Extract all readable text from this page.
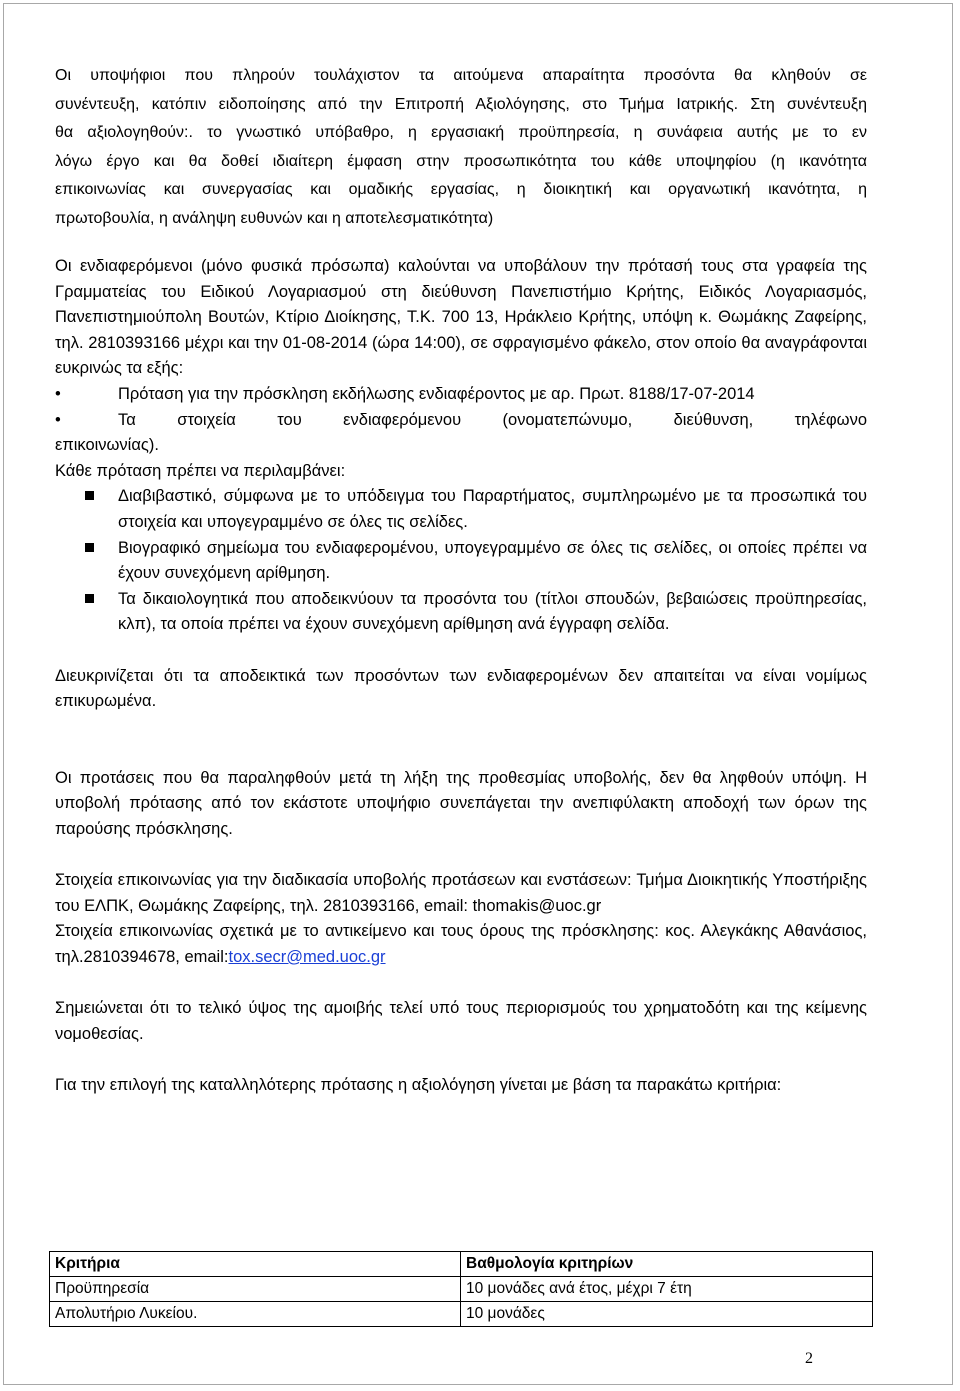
Οι υποψήφιοι που πληρούν τουλάχιστον τα αιτούμενα απαραίτητα προσόντα θα κληθούν σε
συνέντευξη, κατόπιν ειδοποίησης από την Επιτροπή Αξιολόγησης, στο Τμήμα Ιατρικής. Στη συνέντευξη
θα αξιολογηθούν:. το γνωστικό υπόβαθρο, η εργασιακή προϋπηρεσία, η συνάφεια αυτής με το εν
λόγω έργο και θα δοθεί ιδιαίτερη έμφαση στην προσωπικότητα του κάθε υποψηφίου (η ικανότητα
επικοινωνίας και συνεργασίας και ομαδικής εργασίας, η διοικητική και οργανωτική ικανότητα, η
πρωτοβουλία, η ανάληψη ευθυνών και η αποτελεσματικότητα)

Οι ενδιαφερόμενοι (μόνο φυσικά πρόσωπα) καλούνται να υποβάλουν την πρότασή τους στα γραφεία της Γραμματείας του Ειδικού Λογαριασμού στη διεύθυνση Πανεπιστήμιο Κρήτης, Ειδικός Λογαριασμός, Πανεπιστημιούπολη Βουτών, Κτίριο Διοίκησης, Τ.Κ. 700 13, Ηράκλειο Κρήτης, υπόψη κ. Θωμάκης Ζαφείρης, τηλ. 2810393166 μέχρι και την 01-08-2014 (ώρα 14:00), σε σφραγισμένο φάκελο, στον οποίο θα αναγράφονται ευκρινώς τα εξής:

•	Πρόταση για την πρόσκληση εκδήλωσης ενδιαφέροντος με αρ. Πρωτ. 8188/17-07-2014
•	Τα στοιχεία του ενδιαφερόμενου (ονοματεπώνυμο, διεύθυνση, τηλέφωνο

επικοινωνίας).

Κάθε πρόταση πρέπει να περιλαμβάνει:

Διαβιβαστικό, σύμφωνα με το υπόδειγμα του Παραρτήματος, συμπληρωμένο με τα προσωπικά του στοιχεία και υπογεγραμμένο σε όλες τις σελίδες.
Βιογραφικό σημείωμα του ενδιαφερομένου, υπογεγραμμένο σε όλες τις σελίδες, οι οποίες πρέπει να έχουν συνεχόμενη αρίθμηση.
Τα δικαιολογητικά που αποδεικνύουν τα προσόντα του (τίτλοι σπουδών, βεβαιώσεις προϋπηρεσίας, κλπ), τα οποία πρέπει να έχουν συνεχόμενη αρίθμηση ανά έγγραφη σελίδα.

Διευκρινίζεται ότι τα αποδεικτικά των προσόντων των ενδιαφερομένων δεν απαιτείται να είναι νομίμως επικυρωμένα.

Οι προτάσεις που θα παραληφθούν μετά τη λήξη της προθεσμίας υποβολής, δεν θα ληφθούν υπόψη. Η υποβολή πρότασης από τον εκάστοτε υποψήφιο συνεπάγεται την ανεπιφύλακτη αποδοχή των όρων της παρούσης πρόσκλησης.

Στοιχεία επικοινωνίας για την διαδικασία υποβολής προτάσεων και ενστάσεων: Τμήμα Διοικητικής Υποστήριξης του ΕΛΠΚ, Θωμάκης Ζαφείρης, τηλ. 2810393166, email: thomakis@uoc.gr

Στοιχεία επικοινωνίας σχετικά με το αντικείμενο και τους όρους της πρόσκλησης: κος. Αλεγκάκης Αθανάσιος, τηλ.2810394678, email:tox.secr@med.uoc.gr

Σημειώνεται ότι το τελικό ύψος της αμοιβής τελεί υπό τους περιορισμούς του χρηματοδότη και της κείμενης νομοθεσίας.

Για την επιλογή της καταλληλότερης πρότασης η αξιολόγηση γίνεται με βάση τα παρακάτω κριτήρια:

Κριτήρια	Βαθμολογία κριτηρίων
Προϋπηρεσία	10 μονάδες ανά έτος, μέχρι 7 έτη
Απολυτήριο Λυκείου.	10 μονάδες
2
